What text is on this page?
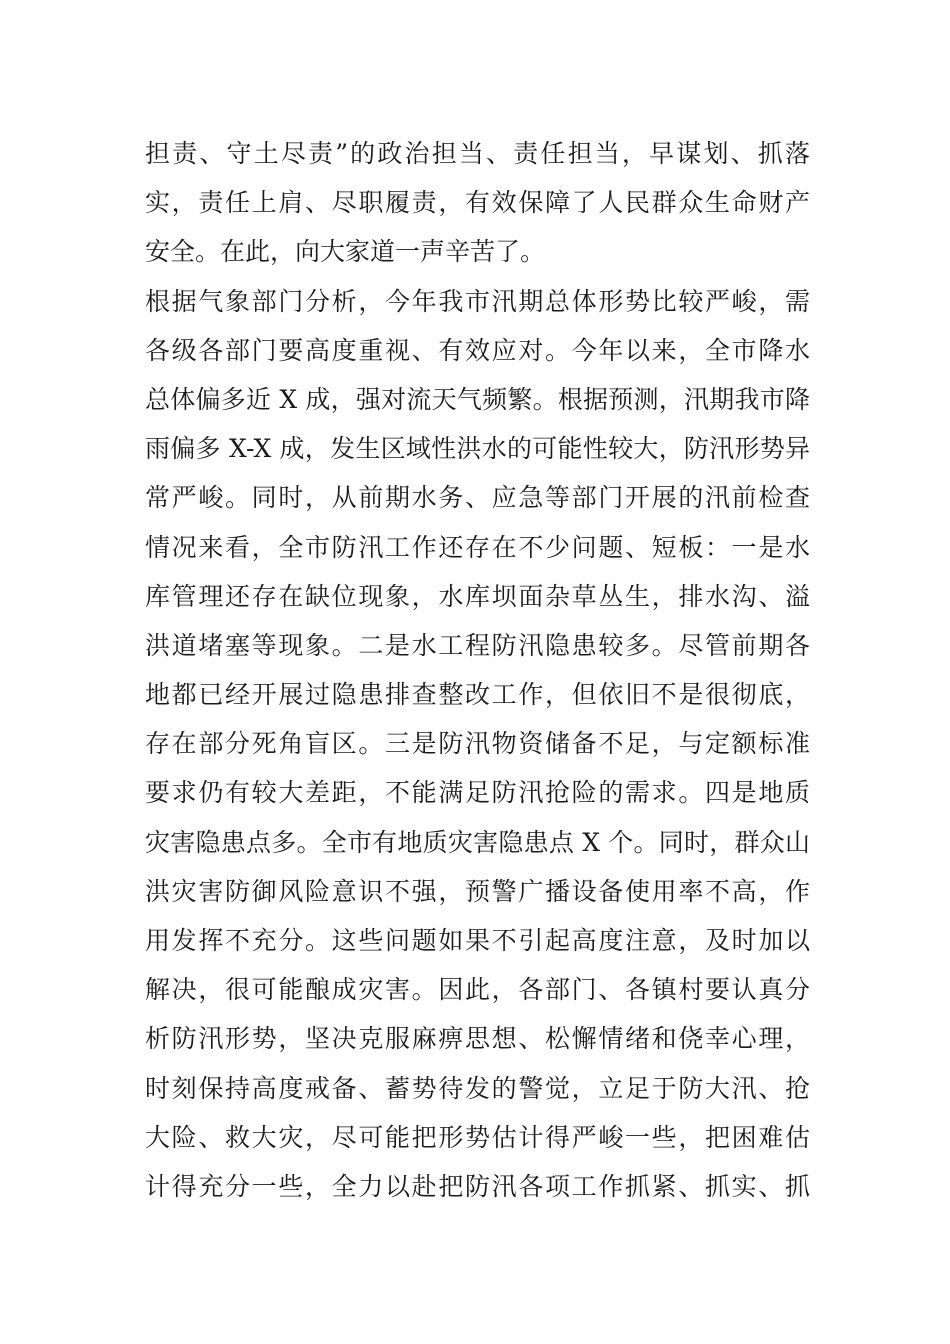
担责、守土尽责”的政治担当、责任担当，早谋划、抓落
实，责任上肩、尽职履责，有效保障了人民群众生命财产
安全。在此，向大家道一声辛苦了。
根据气象部门分析，今年我市汛期总体形势比较严峻，需
各级各部门要高度重视、有效应对。今年以来，全市降水
总体偏多近 X 成，强对流天气频繁。根据预测，汛期我市降
雨偏多 X-X 成，发生区域性洪水的可能性较大，防汛形势异
常严峻。同时，从前期水务、应急等部门开展的汛前检查
情况来看，全市防汛工作还存在不少问题、短板：一是水
库管理还存在缺位现象，水库坝面杂草丛生，排水沟、溢
洪道堵塞等现象。二是水工程防汛隐患较多。尽管前期各
地都已经开展过隐患排查整改工作，但依旧不是很彻底，
存在部分死角盲区。三是防汛物资储备不足，与定额标准
要求仍有较大差距，不能满足防汛抢险的需求。四是地质
灾害隐患点多。全市有地质灾害隐患点 X 个。同时，群众山
洪灾害防御风险意识不强，预警广播设备使用率不高，作
用发挥不充分。这些问题如果不引起高度注意，及时加以
解决，很可能酿成灾害。因此，各部门、各镇村要认真分
析防汛形势，坚决克服麻痹思想、松懈情绪和侥幸心理，
时刻保持高度戒备、蓄势待发的警觉，立足于防大汛、抢
大险、救大灾，尽可能把形势估计得严峻一些，把困难估
计得充分一些，全力以赴把防汛各项工作抓紧、抓实、抓
